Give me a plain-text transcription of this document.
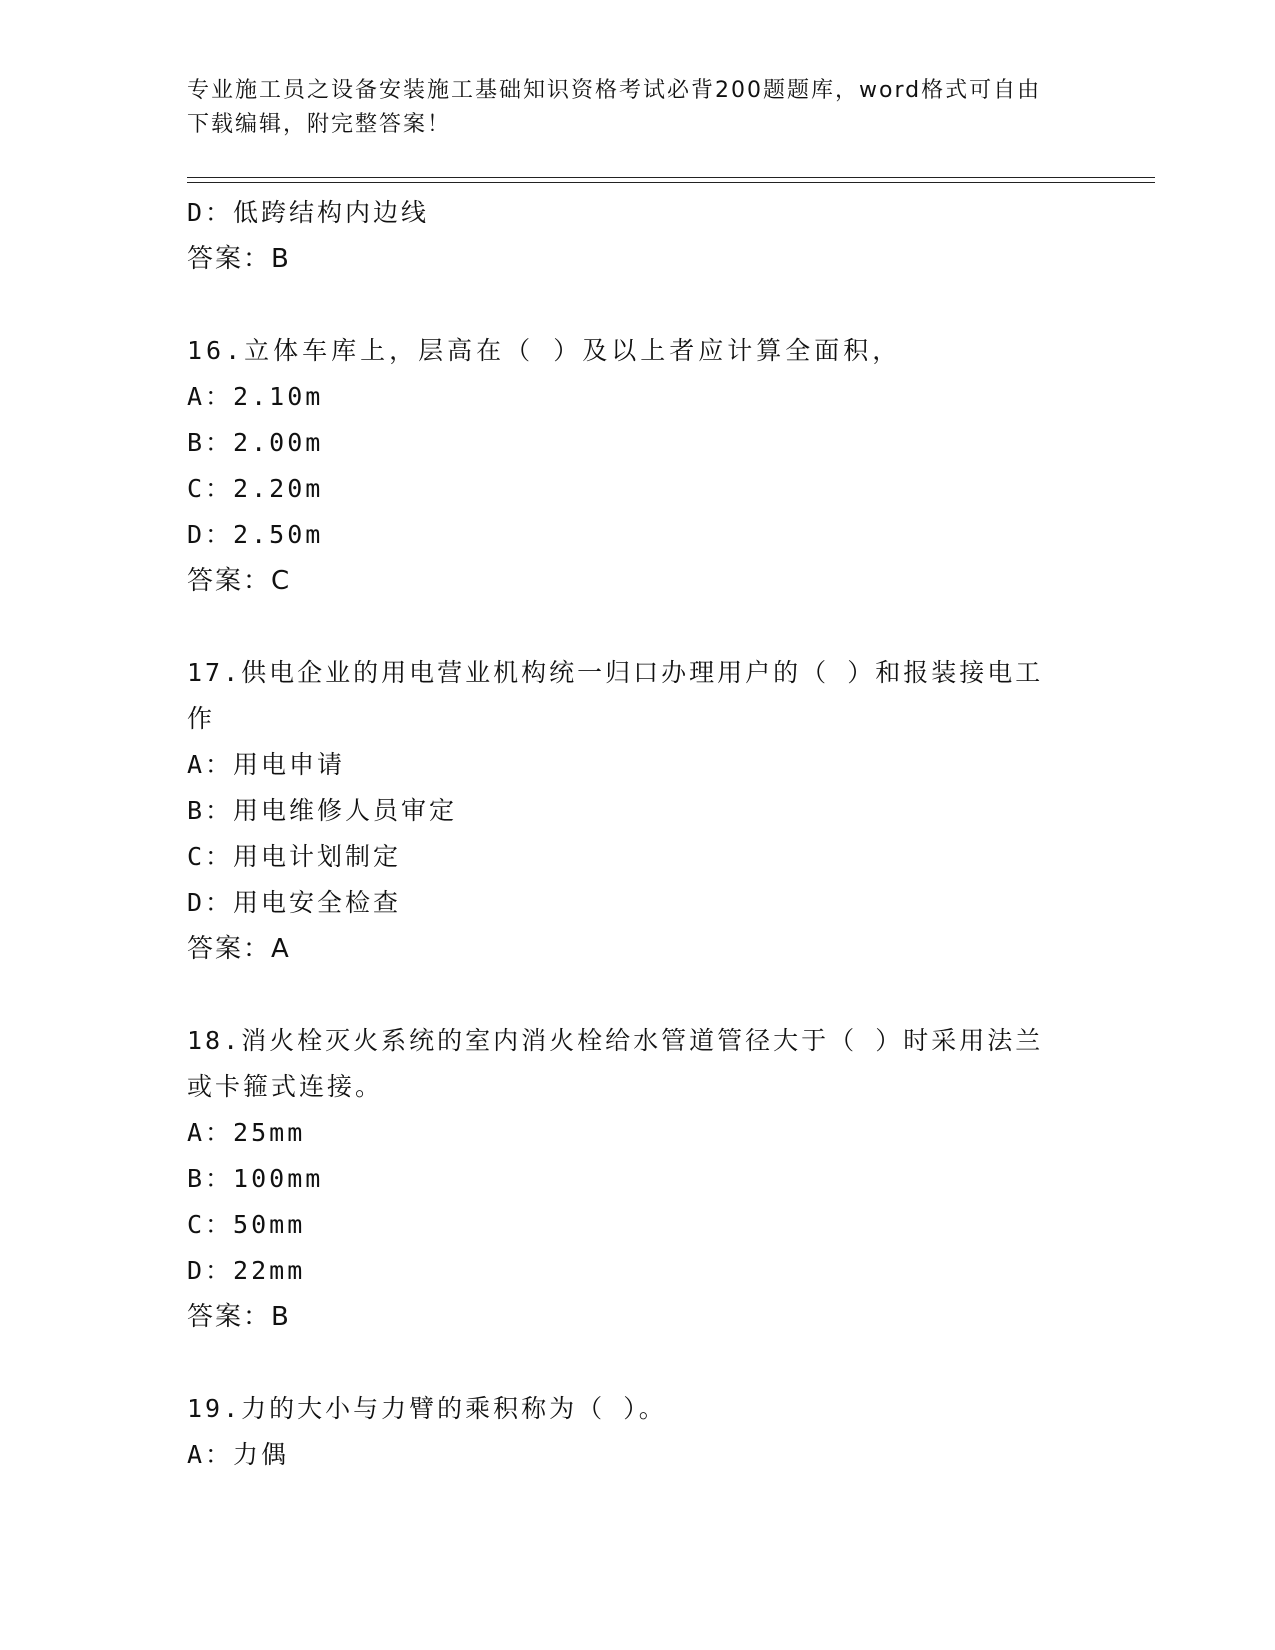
专业施工员之设备安装施工基础知识资格考试必背200题题库，word格式可自由
下载编辑，附完整答案！
D：低跨结构内边线
答案：B
16.立体车库上，层高在（ ）及以上者应计算全面积，
A：2.10m
B：2.00m
C：2.20m
D：2.50m
答案：C
17.供电企业的用电营业机构统一归口办理用户的（ ）和报装接电工
作
A：用电申请
B：用电维修人员审定
C：用电计划制定
D：用电安全检查
答案：A
18.消火栓灭火系统的室内消火栓给水管道管径大于（ ）时采用法兰
或卡箍式连接。
A：25mm
B：100mm
C：50mm
D：22mm
答案：B
19.力的大小与力臂的乘积称为（ ）。
A：力偶
